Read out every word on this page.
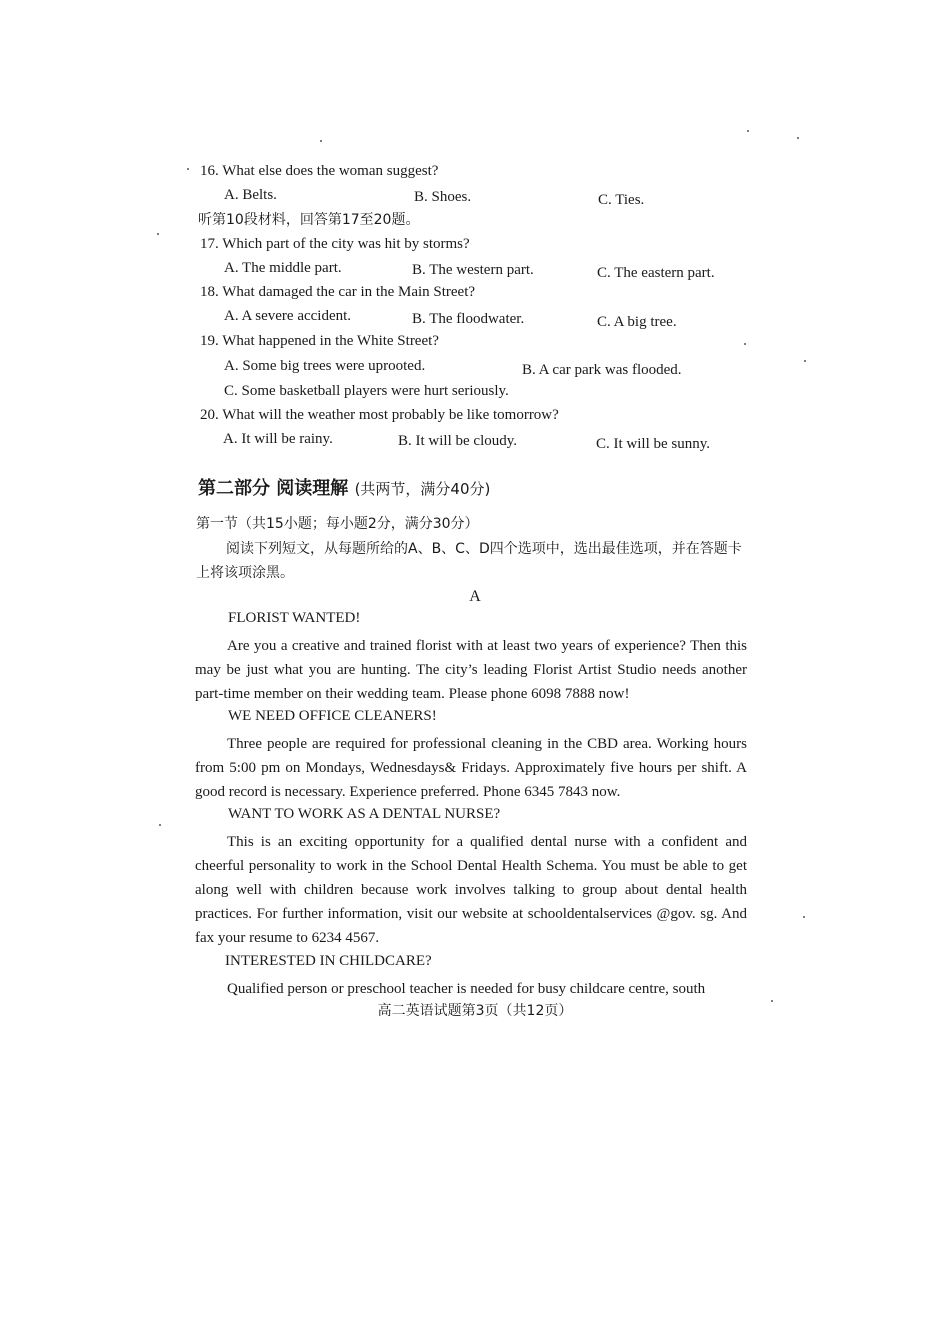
16. What else does the woman suggest?
A. Belts.	B. Shoes.	C. Ties.
听第10段材料，回答第17至20题。
17. Which part of the city was hit by storms?
A. The middle part.	B. The western part.	C. The eastern part.
18. What damaged the car in the Main Street?
A. A severe accident.	B. The floodwater.	C. A big tree.
19. What happened in the White Street?
A. Some big trees were uprooted.	B. A car park was flooded.
C. Some basketball players were hurt seriously.
20. What will the weather most probably be like tomorrow?
A. It will be rainy.	B. It will be cloudy.	C. It will be sunny.
第二部分 阅读理解 (共两节，满分40分)
第一节（共15小题；每小题2分，满分30分）
阅读下列短文，从每题所给的A、B、C、D四个选项中，选出最佳选项，并在答题卡上将该项涂黑。
A
FLORIST WANTED!
Are you a creative and trained florist with at least two years of experience? Then this may be just what you are hunting. The city’s leading Florist Artist Studio needs another part-time member on their wedding team. Please phone 6098 7888 now!
WE NEED OFFICE CLEANERS!
Three people are required for professional cleaning in the CBD area. Working hours from 5:00 pm on Mondays, Wednesdays& Fridays. Approximately five hours per shift. A good record is necessary. Experience preferred. Phone 6345 7843 now.
WANT TO WORK AS A DENTAL NURSE?
This is an exciting opportunity for a qualified dental nurse with a confident and cheerful personality to work in the School Dental Health Schema. You must be able to get along well with children because work involves talking to group about dental health practices. For further information, visit our website at schooldentalservices @gov. sg. And fax your resume to 6234 4567.
INTERESTED IN CHILDCARE?
Qualified person or preschool teacher is needed for busy childcare centre, south
高二英语试题第3页（共12页）
